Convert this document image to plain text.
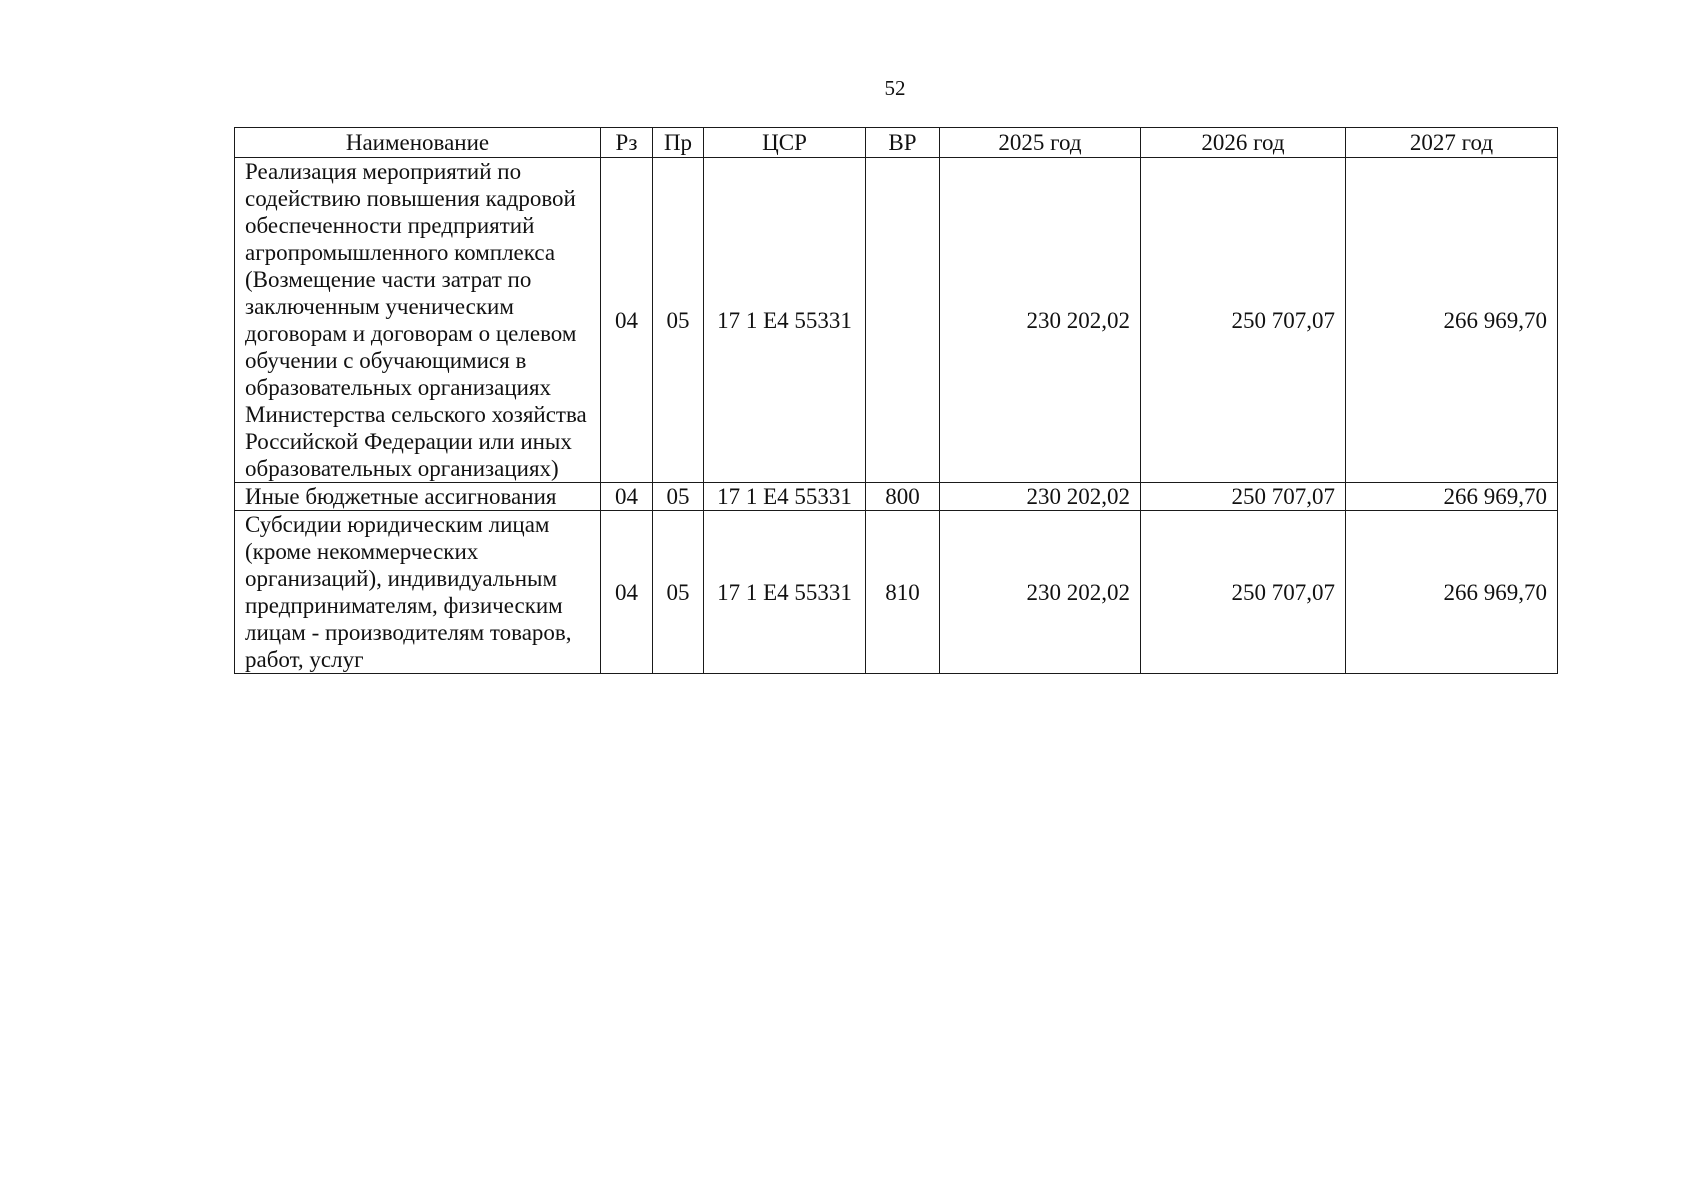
52
Наименование	Рз	Пр	ЦСР	ВР	2025 год	2026 год	2027 год
Реализация мероприятий по содействию повышения кадровой обеспеченности предприятий агропромышленного комплекса (Возмещение части затрат по заключенным ученическим договорам и договорам о целевом обучении с обучающимися в образовательных организациях Министерства сельского хозяйства Российской Федерации или иных образовательных организациях)	04	05	17 1 Е4 55331		230 202,02	250 707,07	266 969,70
Иные бюджетные ассигнования	04	05	17 1 Е4 55331	800	230 202,02	250 707,07	266 969,70
Субсидии юридическим лицам (кроме некоммерческих организаций), индивидуальным предпринимателям, физическим лицам - производителям товаров, работ, услуг	04	05	17 1 Е4 55331	810	230 202,02	250 707,07	266 969,70
